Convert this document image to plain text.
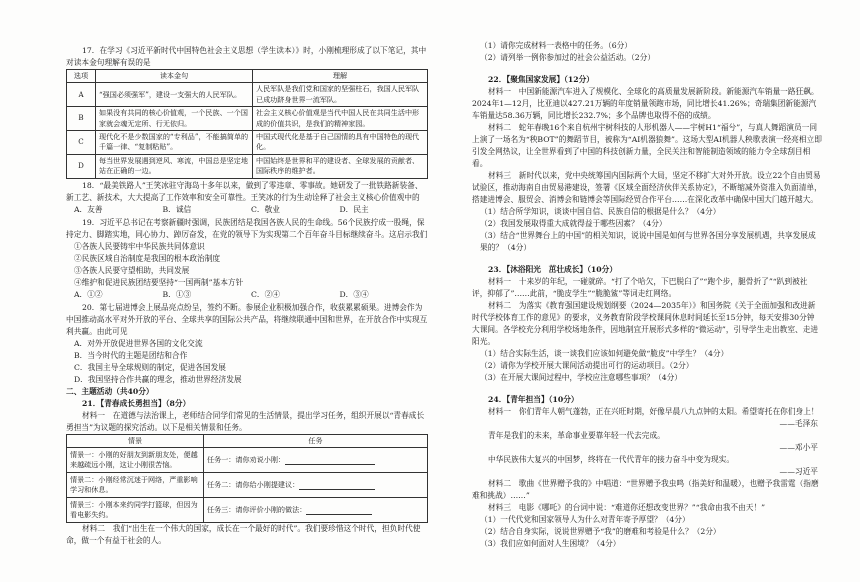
17．在学习《习近平新时代中国特色社会主义思想（学生读本）》时，小刚梳理形成了以下笔记，其中对读本金句理解有误的是

选项	读本金句	理解
A	“强国必须强军”，建设一支强大的人民军队。	人民军队是我们党和国家的坚强柱石，我国人民军队已成功跻身世界一流军队。
B	如果没有共同的核心价值观，一个民族、一个国家就会魂无定所、行无依归。	社会主义核心价值观是当代中国人民在共同生活中形成的价值共识，是我们的精神家园。
C	现代化不是少数国家的“专利品”，不能搞简单的千篇一律、“复制粘贴”。	中国式现代化是基于自己国情的具有中国特色的现代化。
D	每当世界发展遇到逆风、寒流，中国总是坚定地站在正确的一边。	中国始终是世界和平的建设者、全球发展的贡献者、国际秩序的维护者。

18．“最美铁路人”王笑冰驻守海岛十多年以来，做到了零违章、零事故。她研发了一批铁路新装备、新工艺、新技术，大大提高了工作效率和安全可靠性。王笑冰的行为生动诠释了社会主义核心价值观中的

A．友善	B．诚信	C．敬业	D．民主

19．习近平总书记在考察新疆时强调，民族团结是我国各族人民的生命线。56个民族拧成一股绳，保持定力、脚踏实地，同心协力、踔厉奋发，在党的领导下为实现第二个百年奋斗目标继续奋斗。这启示我们

①各族人民要铸牢中华民族共同体意识

②民族区域自治制度是我国的根本政治制度

③各族人民要守望相助，共同发展

④维护和促进民族团结要坚持“一国两制”基本方针

A．①②	B．①③	C．②④	D．③④

20．第七届进博会上展品亮点纷呈，签约不断。参展企业积极加强合作，收获累累硕果。进博会作为中国推动高水平对外开放的平台、全球共享的国际公共产品，将继续联通中国和世界，在开放合作中实现互利共赢。由此可见

A．对外开放促进世界各国的文化交流

B．当今时代的主题是团结和合作

C．我国主导全球规则的制定，促进各国发展

D．我国坚持合作共赢的理念，推动世界经济发展

二、主题活动（共40分）

21．【青春成长勇担当】（8分）

材料一　在道德与法治课上，老师结合同学们常见的生活情景，提出学习任务，组织开展以“青春成长勇担当”为议题的探究活动。以下是相关情景和任务。

情景	任务
情景一：小刚的好朋友到新朋友处，便越来越疏远小刚，这让小刚很苦恼。	任务一：请你劝说小刚：
情景二：小刚经常沉迷于网络，严重影响学习和休息。	任务二：请你给小刚提建议：
情景三：小刚本来约同学打篮球，但因为看电影失约。	任务三：请你评价小刚的做法：

材料二　我们“出生在一个伟大的国家，成长在一个最好的时代”。我们要珍惜这个时代，担负时代使命，做一个有益于社会的人。

（1）请你完成材料一表格中的任务。（6分）

（2）请列举一例你参加过的社会公益活动。（2分）

22．【聚焦国家发展】（12分）

材料一　中国新能源汽车进入了规模化、全球化的高质量发展新阶段。新能源汽车销量一路狂飙。2024年1—12月，比亚迪以427.21万辆的年度销量领跑市场，同比增长41.26%；奇瑞集团新能源汽车销量达58.36万辆，同比增长232.7%；多个品牌也取得不俗的成绩。

材料二　蛇年春晚16个来自杭州宇树科技的人形机器人——宇树H1“福兮”，与真人舞蹈演员一同上演了一场名为“秧BOT”的舞蹈节目，被称为“AI机器狼舞”。这场大型AI机器人秧歌表演一经亮相立即引发全网热议，让全世界看到了中国的科技创新力量，全民关注和智能制造领域的能力令全球刮目相看。

材料三　新时代以来，党中央统筹国内国际两个大局，坚定不移扩大对外开放。设立22个自由贸易试验区，推动海南自由贸易港建设，签署《区域全面经济伙伴关系协定》，不断缩减外资准入负面清单，搭建进博会、服贸会、消博会和链博会等国际经贸合作平台……在深化改革中确保中国大门越开越大。

（1）结合所学知识，谈谈中国自信、民族自信的根据是什么？（4分）

（2）我国发展取得重大成就得益于哪些因素？（4分）

（3）结合“世界舞台上的中国”的相关知识，说说中国是如何与世界各国分享发展机遇，共享发展成果的？（4分）

23．【沐浴阳光　茁壮成长】（10分）

材料一　十来岁的年纪，一碰就碎。“打了个哈欠，下巴脱臼了”“跑个步，腿骨折了”“趴到被社评，抑郁了”……此前，“脆皮学生”“脆脆鲨”等词走红网络。

材料二　为落实《教育强国建设规划纲要（2024—2035年）》和国务院《关于全面加强和改进新时代学校体育工作的意见》的要求，义务教育阶段学校课间休息时间延长至15分钟，每天安排30分钟大课间。各学校充分利用学校场地条件，因地制宜开展形式多样的“微运动”，引导学生走出教室、走进阳光。

（1）结合实际生活，谈一谈我们应该如何避免做“脆皮”中学生？（4分）

（2）请你为学校开展大课间活动提出可行的运动项目。（2分）

（3）在开展大课间过程中，学校应注意哪些事项？（4分）

24．【青年担当】（10分）

材料一　你们青年人朝气蓬勃，正在兴旺时期，好像早晨八九点钟的太阳。希望寄托在你们身上！

——毛泽东

青年是我们的未来，革命事业要靠年轻一代去完成。

——邓小平

中华民族伟大复兴的中国梦，终将在一代代青年的接力奋斗中变为现实。

——习近平

材料二　歌曲《世界赠予我的》中唱道：“世界赠予我虫鸣（指美好和温暖），也赠予我雷霆（指磨难和挑战）……”

材料三　电影《哪吒》的台词中说：“难道你还想改变世界？”“我命由我不由天！”

（1）一代代党和国家领导人为什么对青年寄予厚望？（4分）

（2）结合自身实际，说说世界赠予“我”的磨难和考验是什么？（2分）

（3）我们应如何面对人生困境？（4分）
